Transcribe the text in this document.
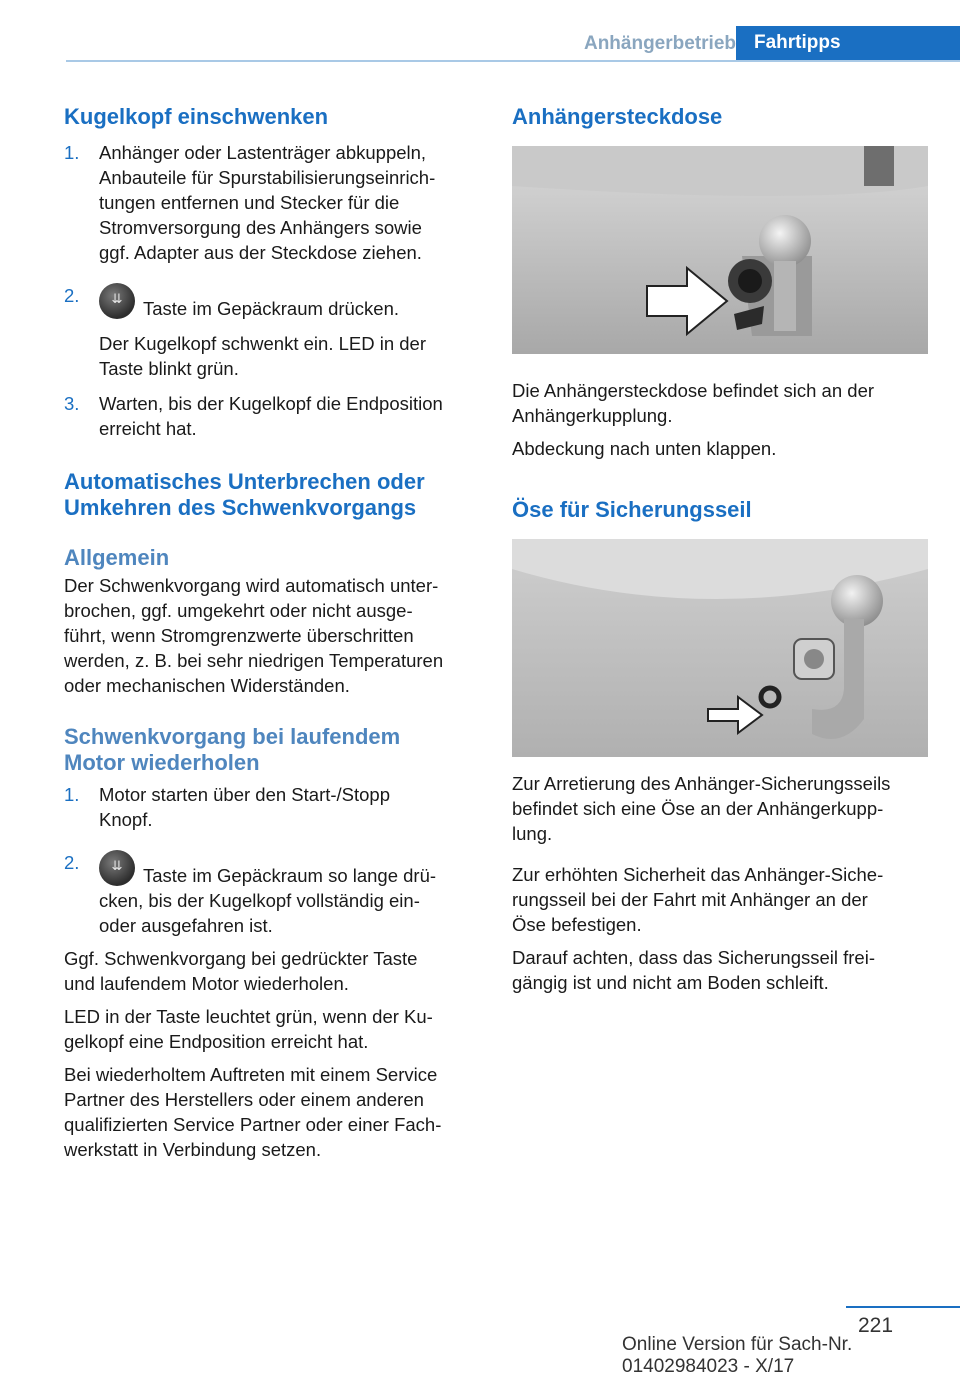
Anhängerbetrieb Fahrtipps
Kugelkopf einschwenken
1. Anhänger oder Lastenträger abkuppeln,
Anbauteile für Spurstabilisierungseinrich-
tungen entfernen und Stecker für die
Stromversorgung des Anhängers sowie
ggf. Adapter aus der Steckdose ziehen.
2. ⇊ Taste im Gepäckraum drücken.
Der Kugelkopf schwenkt ein. LED in der
Taste blinkt grün.
3. Warten, bis der Kugelkopf die Endposition
erreicht hat.
Automatisches Unterbrechen oder
Umkehren des Schwenkvorgangs
Allgemein

Der Schwenkvorgang wird automatisch unter-
brochen, ggf. umgekehrt oder nicht ausge-
führt, wenn Stromgrenzwerte überschritten
werden, z. B. bei sehr niedrigen Temperaturen
oder mechanischen Widerständen.

Schwenkvorgang bei laufendem
Motor wiederholen
1. Motor starten über den Start-/Stopp
Knopf.
2. ⇊ Taste im Gepäckraum so lange drü-
cken, bis der Kugelkopf vollständig ein-
oder ausgefahren ist.

Ggf. Schwenkvorgang bei gedrückter Taste
und laufendem Motor wiederholen.

LED in der Taste leuchtet grün, wenn der Ku-
gelkopf eine Endposition erreicht hat.

Bei wiederholtem Auftreten mit einem Service
Partner des Herstellers oder einem anderen
qualifizierten Service Partner oder einer Fach-
werkstatt in Verbindung setzen.

Anhängersteckdose

Die Anhängersteckdose befindet sich an der
Anhängerkupplung.

Abdeckung nach unten klappen.

Öse für Sicherungsseil

Zur Arretierung des Anhänger-Sicherungsseils
befindet sich eine Öse an der Anhängerkupp-
lung.

Zur erhöhten Sicherheit das Anhänger-Siche-
rungsseil bei der Fahrt mit Anhänger an der
Öse befestigen.

Darauf achten, dass das Sicherungsseil frei-
gängig ist und nicht am Boden schleift.

221
Online Version für Sach-Nr. 01402984023 - X/17
